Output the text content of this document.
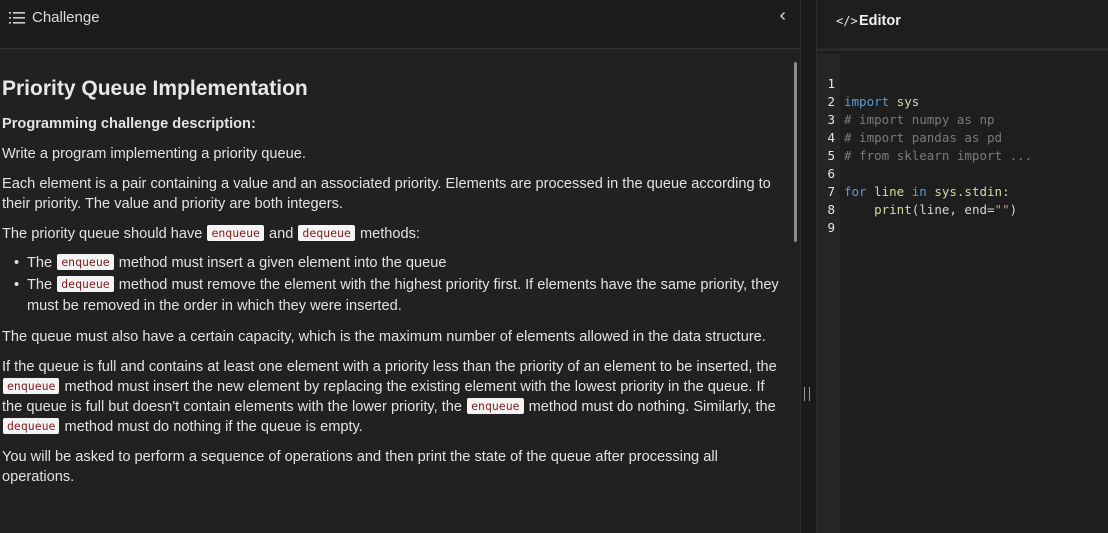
Challenge
Priority Queue Implementation
Programming challenge description:

Write a program implementing a priority queue.

Each element is a pair containing a value and an associated priority. Elements are processed in the queue according to their priority. The value and priority are both integers.

The priority queue should have enqueue and dequeue methods:

• The enqueue method must insert a given element into the queue
• The dequeue method must remove the element with the highest priority first. If elements have the same priority, they must be removed in the order in which they were inserted.

The queue must also have a certain capacity, which is the maximum number of elements allowed in the data structure.

If the queue is full and contains at least one element with a priority less than the priority of an element to be inserted, the enqueue method must insert the new element by replacing the existing element with the lowest priority in the queue. If the queue is full but doesn't contain elements with the lower priority, the enqueue method must do nothing. Similarly, the dequeue method must do nothing if the queue is empty.

You will be asked to perform a sequence of operations and then print the state of the queue after processing all operations.

</> Editor

1

import sys

2

# import numpy as np

3

# import pandas as pd

4

# from sklearn import ...

5

6

for line in sys.stdin:

7

print(line, end="")

8

9
